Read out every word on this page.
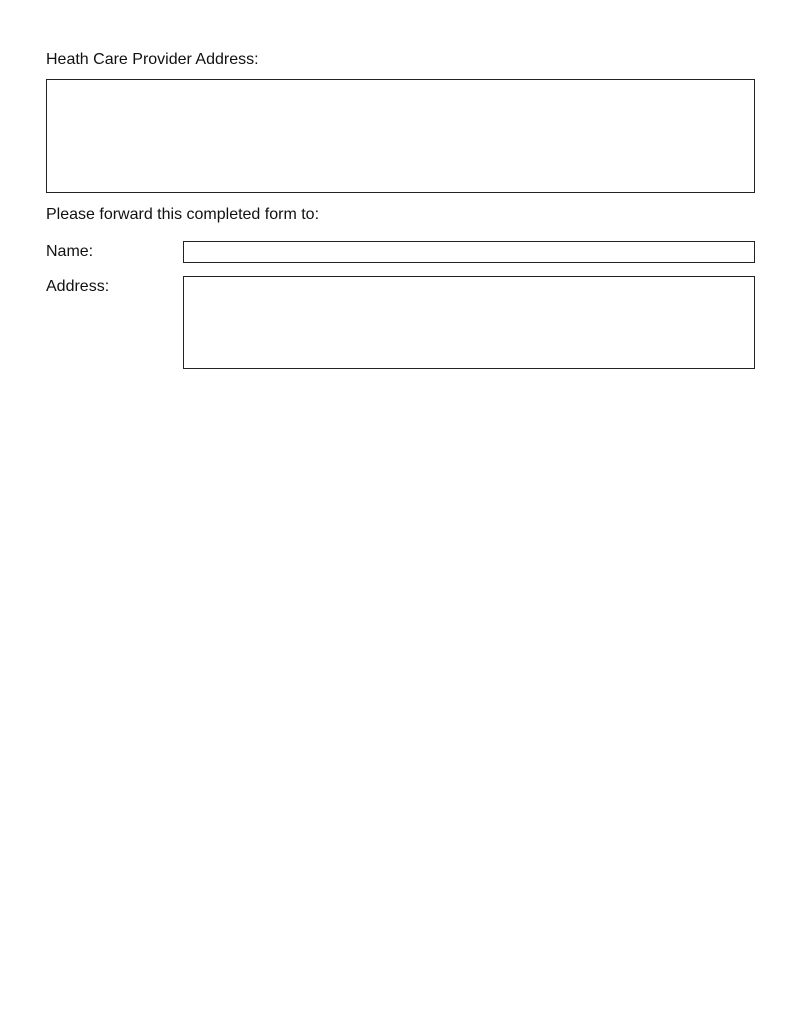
Heath Care Provider Address:
Please forward this completed form to:
Name:
Address:
